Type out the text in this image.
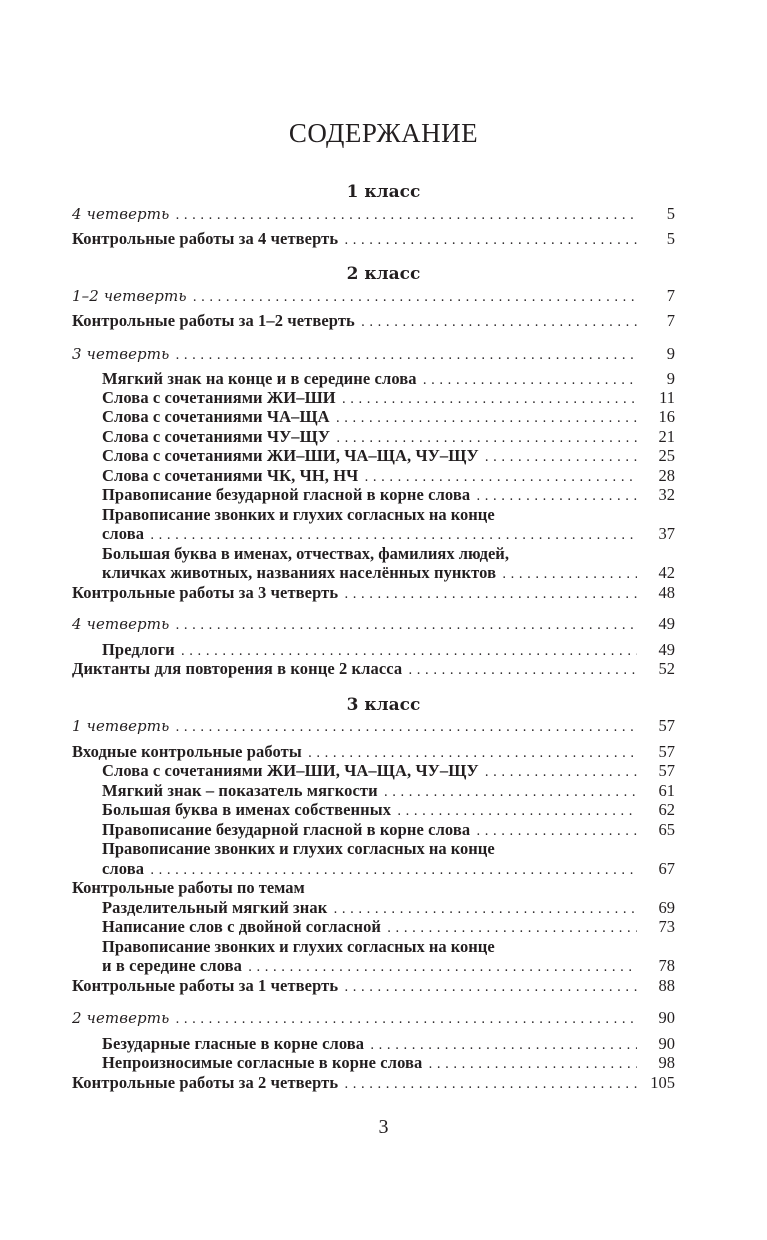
СОДЕРЖАНИЕ
1 класс
4 четверть . . .	5
Контрольные работы за 4 четверть . . .	5
2 класс
1–2 четверть . . .	7
Контрольные работы за 1–2 четверть . . .	7
3 четверть . . .	9
Мягкий знак на конце и в середине слова . . .	9
Слова с сочетаниями ЖИ–ШИ . . .	11
Слова с сочетаниями ЧА–ЩА . . .	16
Слова с сочетаниями ЧУ–ЩУ . . .	21
Слова с сочетаниями ЖИ–ШИ, ЧА–ЩА, ЧУ–ЩУ . . .	25
Слова с сочетаниями ЧК, ЧН, НЧ . . .	28
Правописание безударной гласной в корне слова . . .	32
Правописание звонких и глухих согласных на конце
слова . . .	37
Большая буква в именах, отчествах, фамилиях людей,
кличках животных, названиях населённых пунктов . . .	42
Контрольные работы за 3 четверть . . .	48
4 четверть . . .	49
Предлоги . . .	49
Диктанты для повторения в конце 2 класса . . .	52
3 класс
1 четверть . . .	57
Входные контрольные работы . . .	57
Слова с сочетаниями ЖИ–ШИ, ЧА–ЩА, ЧУ–ЩУ . . .	57
Мягкий знак – показатель мягкости . . .	61
Большая буква в именах собственных . . .	62
Правописание безударной гласной в корне слова . . .	65
Правописание звонких и глухих согласных на конце
слова . . .	67
Контрольные работы по темам
Разделительный мягкий знак . . .	69
Написание слов с двойной согласной . . .	73
Правописание звонких и глухих согласных на конце
и в середине слова . . .	78
Контрольные работы за 1 четверть . . .	88
2 четверть . . .	90
Безударные гласные в корне слова . . .	90
Непроизносимые согласные в корне слова . . .	98
Контрольные работы за 2 четверть . . .	105
3
